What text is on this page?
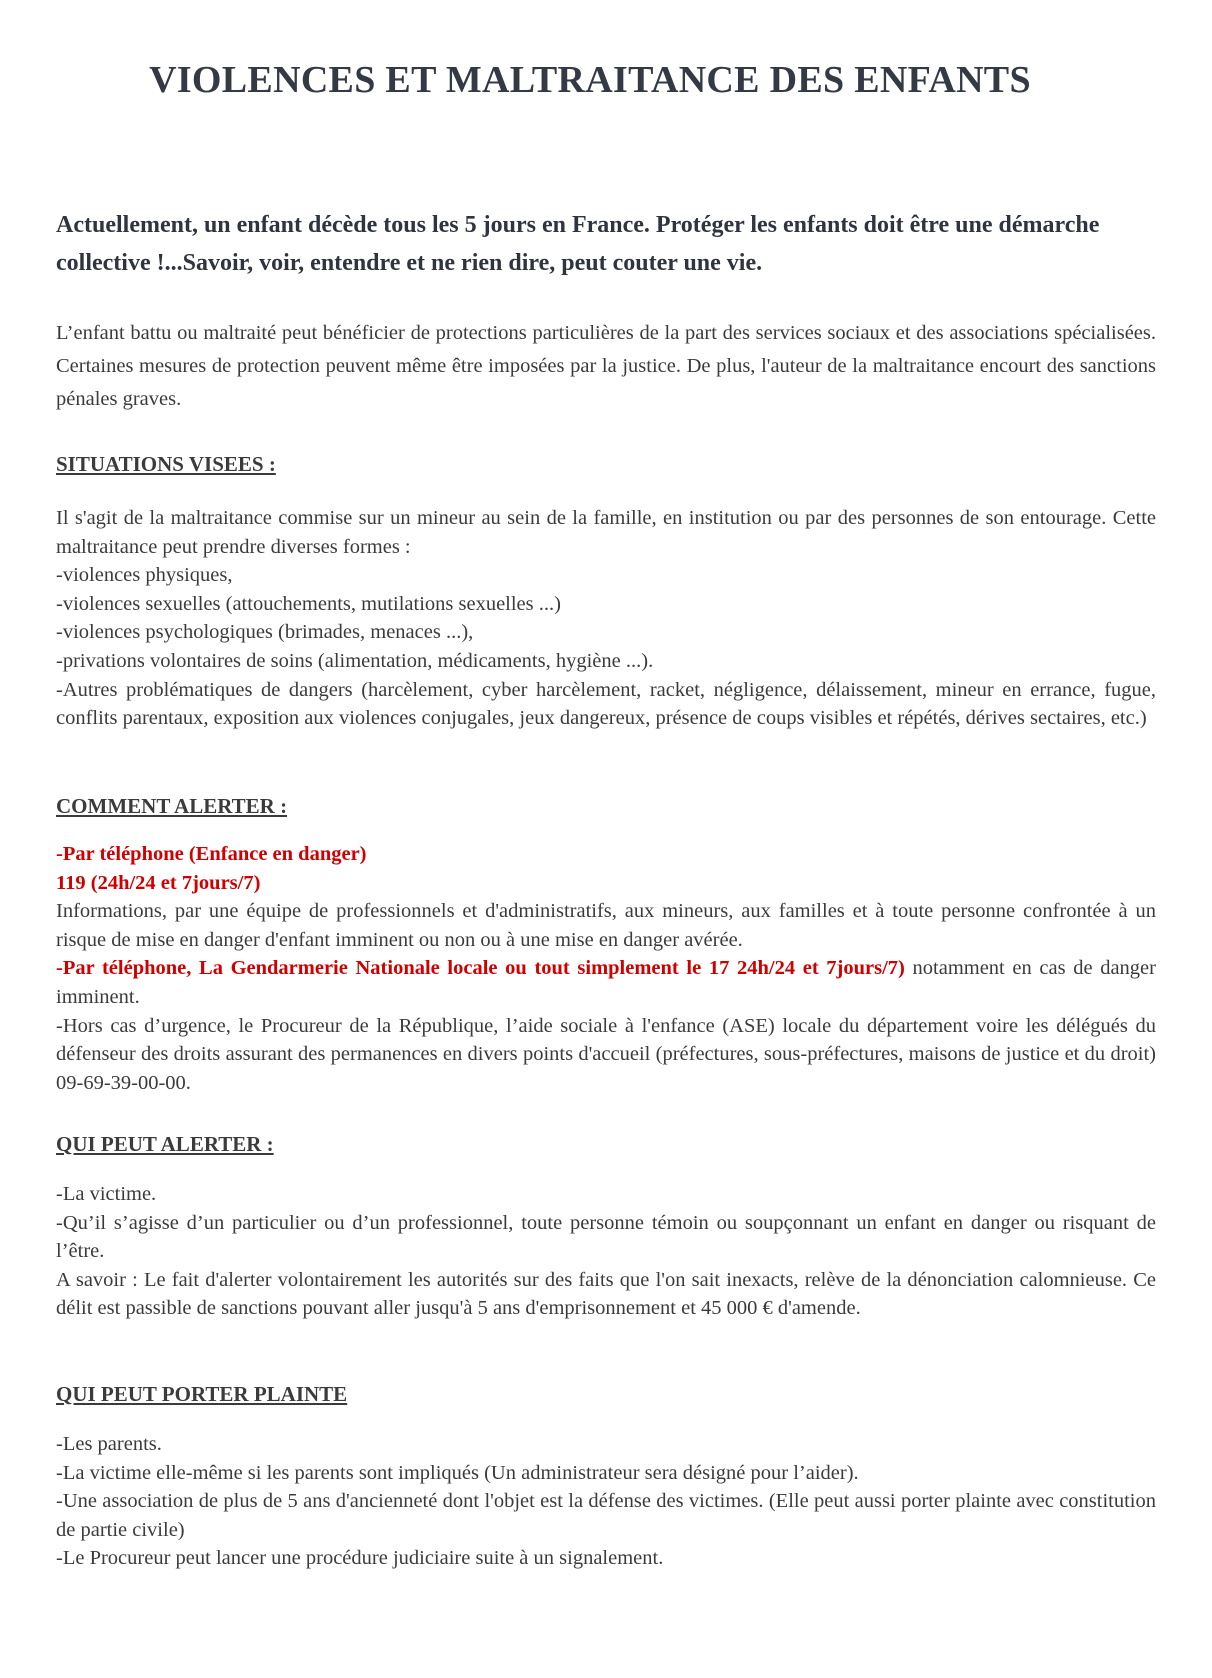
VIOLENCES ET MALTRAITANCE DES ENFANTS
Actuellement, un enfant décède tous les 5 jours en France. Protéger les enfants doit être une démarche collective !...Savoir, voir, entendre et ne rien dire, peut couter une vie.
L’enfant battu ou maltraité peut bénéficier de protections particulières de la part des services sociaux et des associations spécialisées. Certaines mesures de protection peuvent même être imposées par la justice. De plus, l'auteur de la maltraitance encourt des sanctions pénales graves.
SITUATIONS VISEES :
Il s'agit de la maltraitance commise sur un mineur au sein de la famille, en institution ou par des personnes de son entourage. Cette maltraitance peut prendre diverses formes :
-violences physiques,
-violences sexuelles (attouchements, mutilations sexuelles ...)
-violences psychologiques (brimades, menaces ...),
-privations volontaires de soins (alimentation, médicaments, hygiène ...).
-Autres problématiques de dangers (harcèlement, cyber harcèlement, racket, négligence, délaissement, mineur en errance, fugue, conflits parentaux, exposition aux violences conjugales, jeux dangereux, présence de coups visibles et répétés, dérives sectaires, etc.)
COMMENT ALERTER :
-Par téléphone (Enfance en danger)
119 (24h/24 et 7jours/7)
Informations, par une équipe de professionnels et d'administratifs, aux mineurs, aux familles et à toute personne confrontée à un risque de mise en danger d'enfant imminent ou non ou à une mise en danger avérée.
-Par téléphone, La Gendarmerie Nationale locale ou tout simplement le 17 24h/24 et 7jours/7) notamment en cas de danger imminent.
-Hors cas d’urgence, le Procureur de la République, l’aide sociale à l'enfance (ASE) locale du département voire les délégués du défenseur des droits assurant des permanences en divers points d'accueil (préfectures, sous-préfectures, maisons de justice et du droit) 09-69-39-00-00.
QUI PEUT ALERTER :
-La victime.
-Qu’il s’agisse d’un particulier ou d’un professionnel, toute personne témoin ou soupçonnant un enfant en danger ou risquant de l’être.
A savoir : Le fait d'alerter volontairement les autorités sur des faits que l'on sait inexacts, relève de la dénonciation calomnieuse. Ce délit est passible de sanctions pouvant aller jusqu'à 5 ans d'emprisonnement et 45 000 € d'amende.
QUI PEUT PORTER PLAINTE
-Les parents.
-La victime elle-même si les parents sont impliqués (Un administrateur sera désigné pour l’aider).
-Une association de plus de 5 ans d'ancienneté dont l'objet est la défense des victimes. (Elle peut aussi porter plainte avec constitution de partie civile)
-Le Procureur peut lancer une procédure judiciaire suite à un signalement.
